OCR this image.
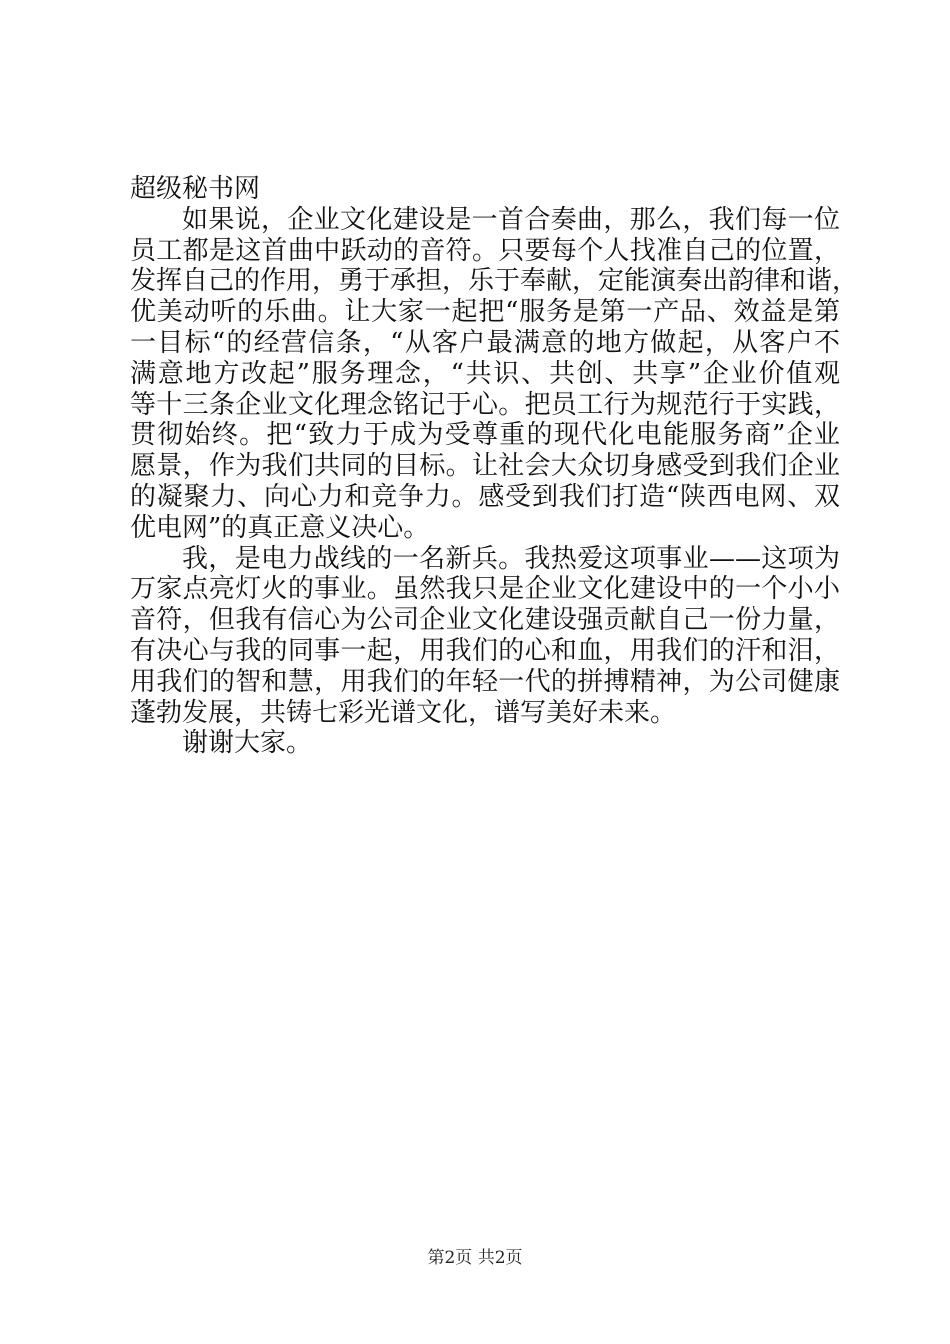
超级秘书网
如果说，企业文化建设是一首合奏曲，那么，我们每一位
员工都是这首曲中跃动的音符。只要每个人找准自己的位置，
发挥自己的作用，勇于承担，乐于奉献，定能演奏出韵律和谐，
优美动听的乐曲。让大家一起把“服务是第一产品、效益是第
一目标“的经营信条，“从客户最满意的地方做起，从客户不
满意地方改起”服务理念，“共识、共创、共享”企业价值观
等十三条企业文化理念铭记于心。把员工行为规范行于实践，
贯彻始终。把“致力于成为受尊重的现代化电能服务商”企业
愿景，作为我们共同的目标。让社会大众切身感受到我们企业
的凝聚力、向心力和竞争力。感受到我们打造“陕西电网、双
优电网”的真正意义决心。
我，是电力战线的一名新兵。我热爱这项事业——这项为
万家点亮灯火的事业。虽然我只是企业文化建设中的一个小小
音符，但我有信心为公司企业文化建设强贡献自己一份力量，
有决心与我的同事一起，用我们的心和血，用我们的汗和泪，
用我们的智和慧，用我们的年轻一代的拼搏精神，为公司健康
蓬勃发展，共铸七彩光谱文化，谱写美好未来。
谢谢大家。
第2页 共2页
